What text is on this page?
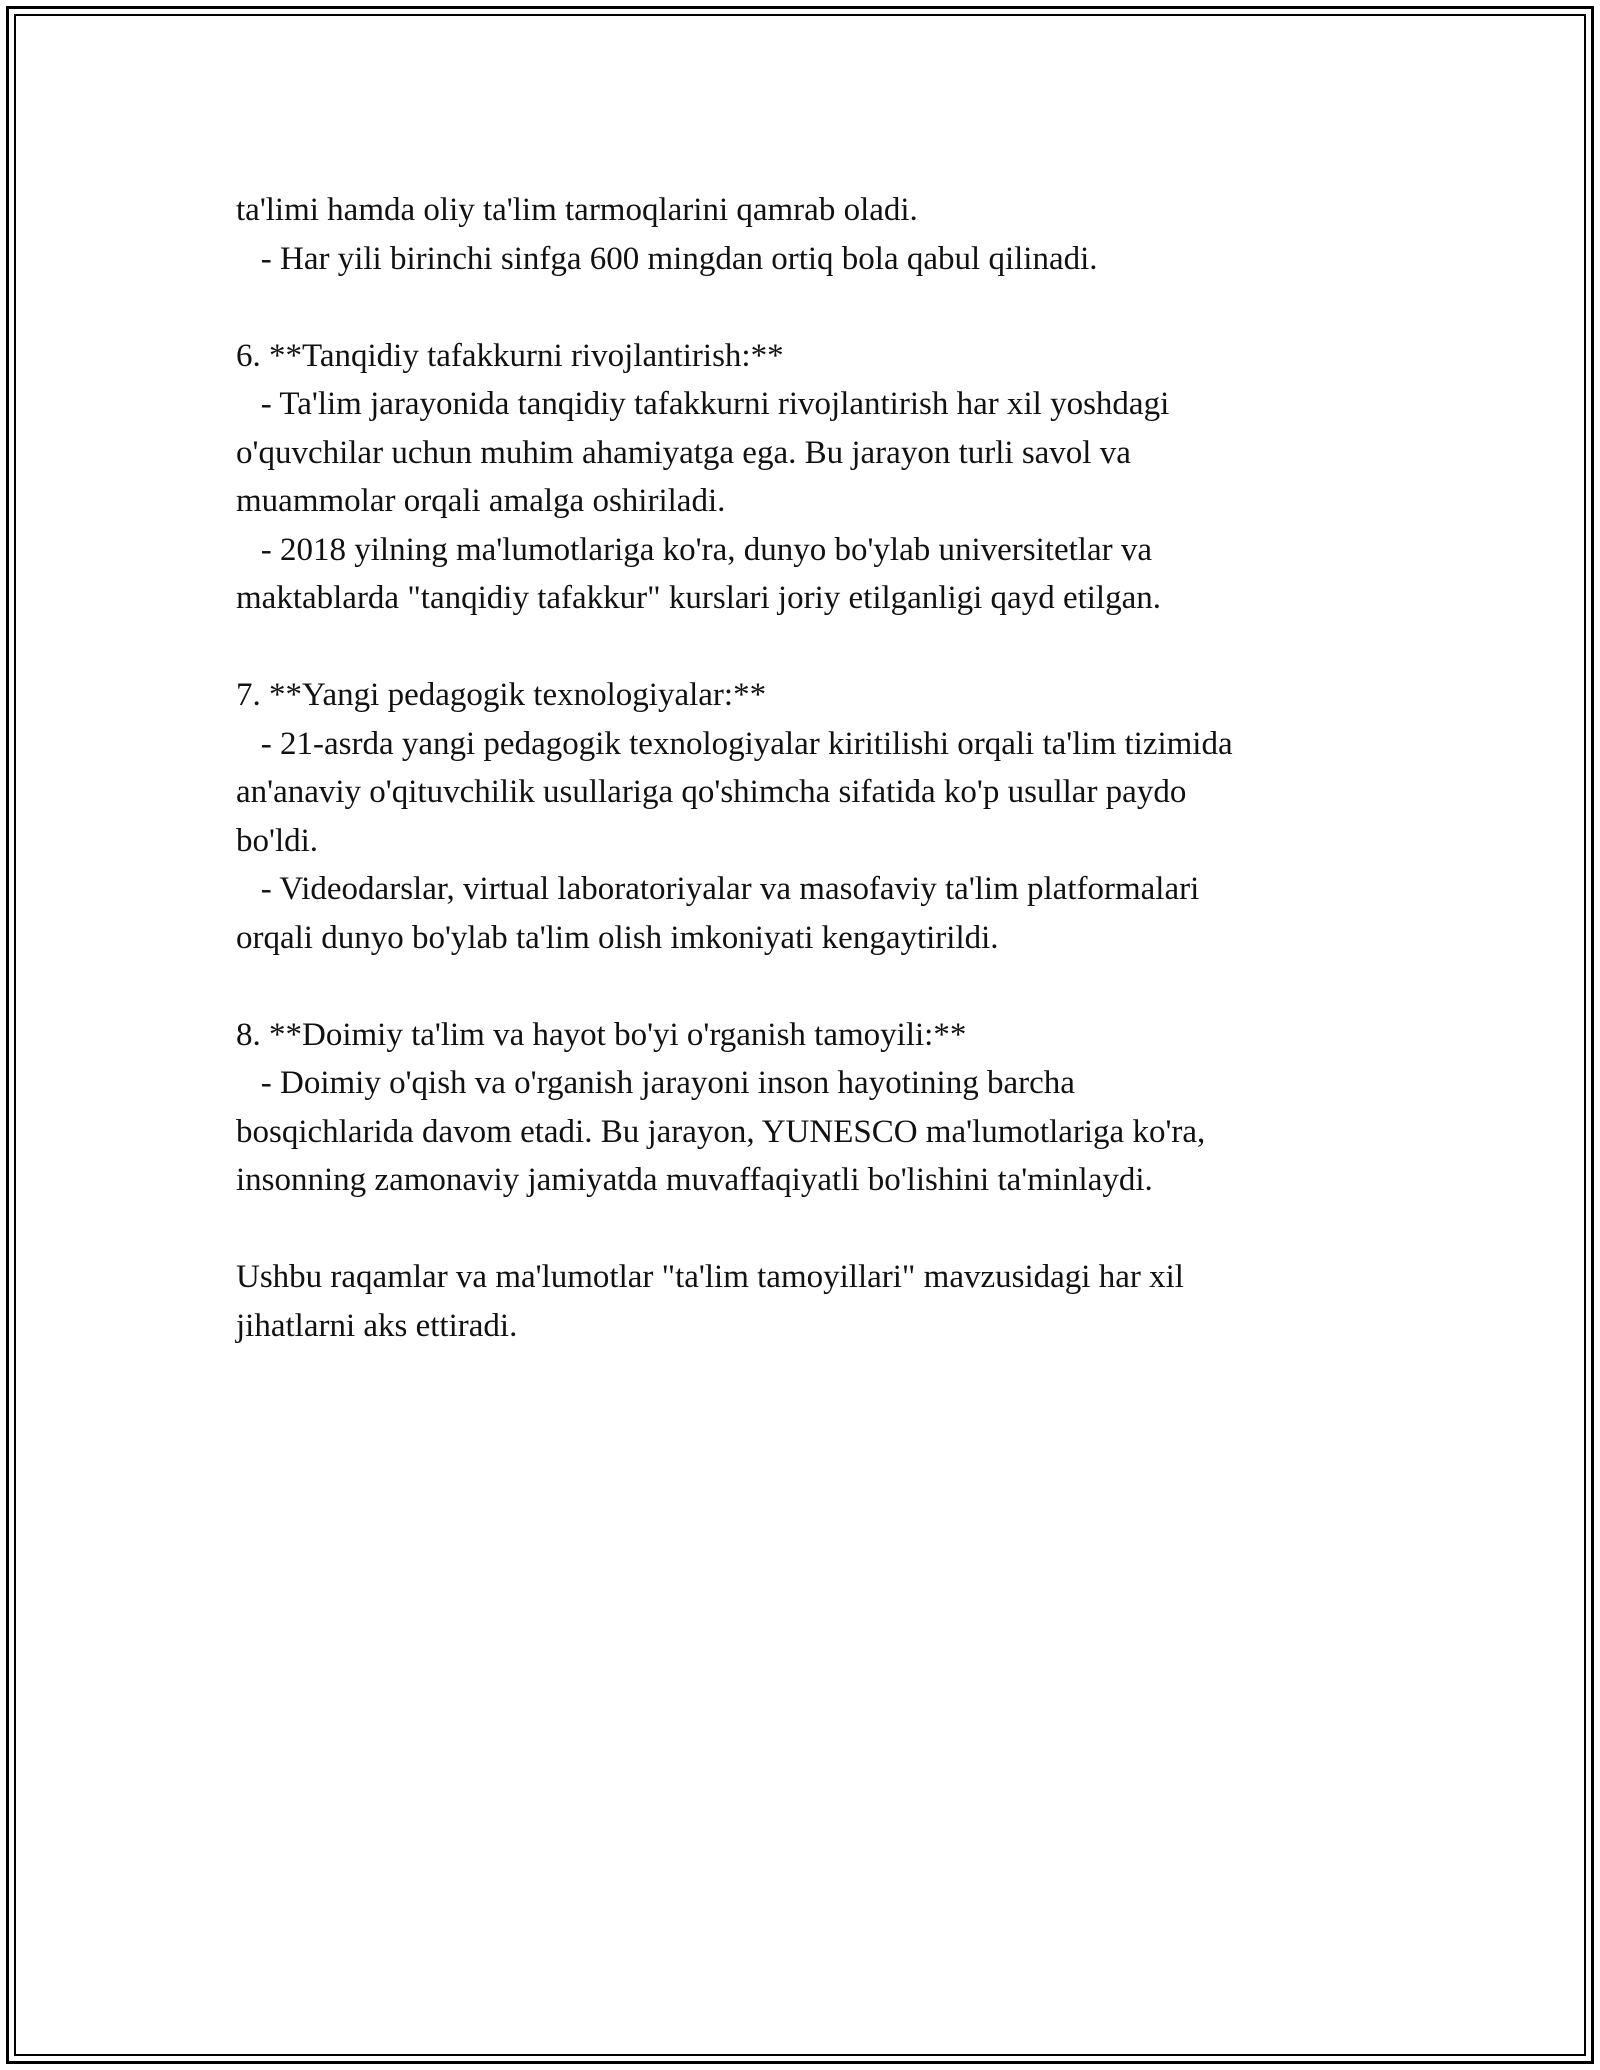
ta'limi hamda oliy ta'lim tarmoqlarini qamrab oladi.
- Har yili birinchi sinfga 600 mingdan ortiq bola qabul qilinadi.
6. **Tanqidiy tafakkurni rivojlantirish:**
- Ta'lim jarayonida tanqidiy tafakkurni rivojlantirish har xil yoshdagi
o'quvchilar uchun muhim ahamiyatga ega. Bu jarayon turli savol va
muammolar orqali amalga oshiriladi.
- 2018 yilning ma'lumotlariga ko'ra, dunyo bo'ylab universitetlar va
maktablarda "tanqidiy tafakkur" kurslari joriy etilganligi qayd etilgan.
7. **Yangi pedagogik texnologiyalar:**
- 21-asrda yangi pedagogik texnologiyalar kiritilishi orqali ta'lim tizimida
an'anaviy o'qituvchilik usullariga qo'shimcha sifatida ko'p usullar paydo
bo'ldi.
- Videodarslar, virtual laboratoriyalar va masofaviy ta'lim platformalari
orqali dunyo bo'ylab ta'lim olish imkoniyati kengaytirildi.
8. **Doimiy ta'lim va hayot bo'yi o'rganish tamoyili:**
- Doimiy o'qish va o'rganish jarayoni inson hayotining barcha
bosqichlarida davom etadi. Bu jarayon, YUNESCO ma'lumotlariga ko'ra,
insonning zamonaviy jamiyatda muvaffaqiyatli bo'lishini ta'minlaydi.
Ushbu raqamlar va ma'lumotlar "ta'lim tamoyillari" mavzusidagi har xil
jihatlarni aks ettiradi.
